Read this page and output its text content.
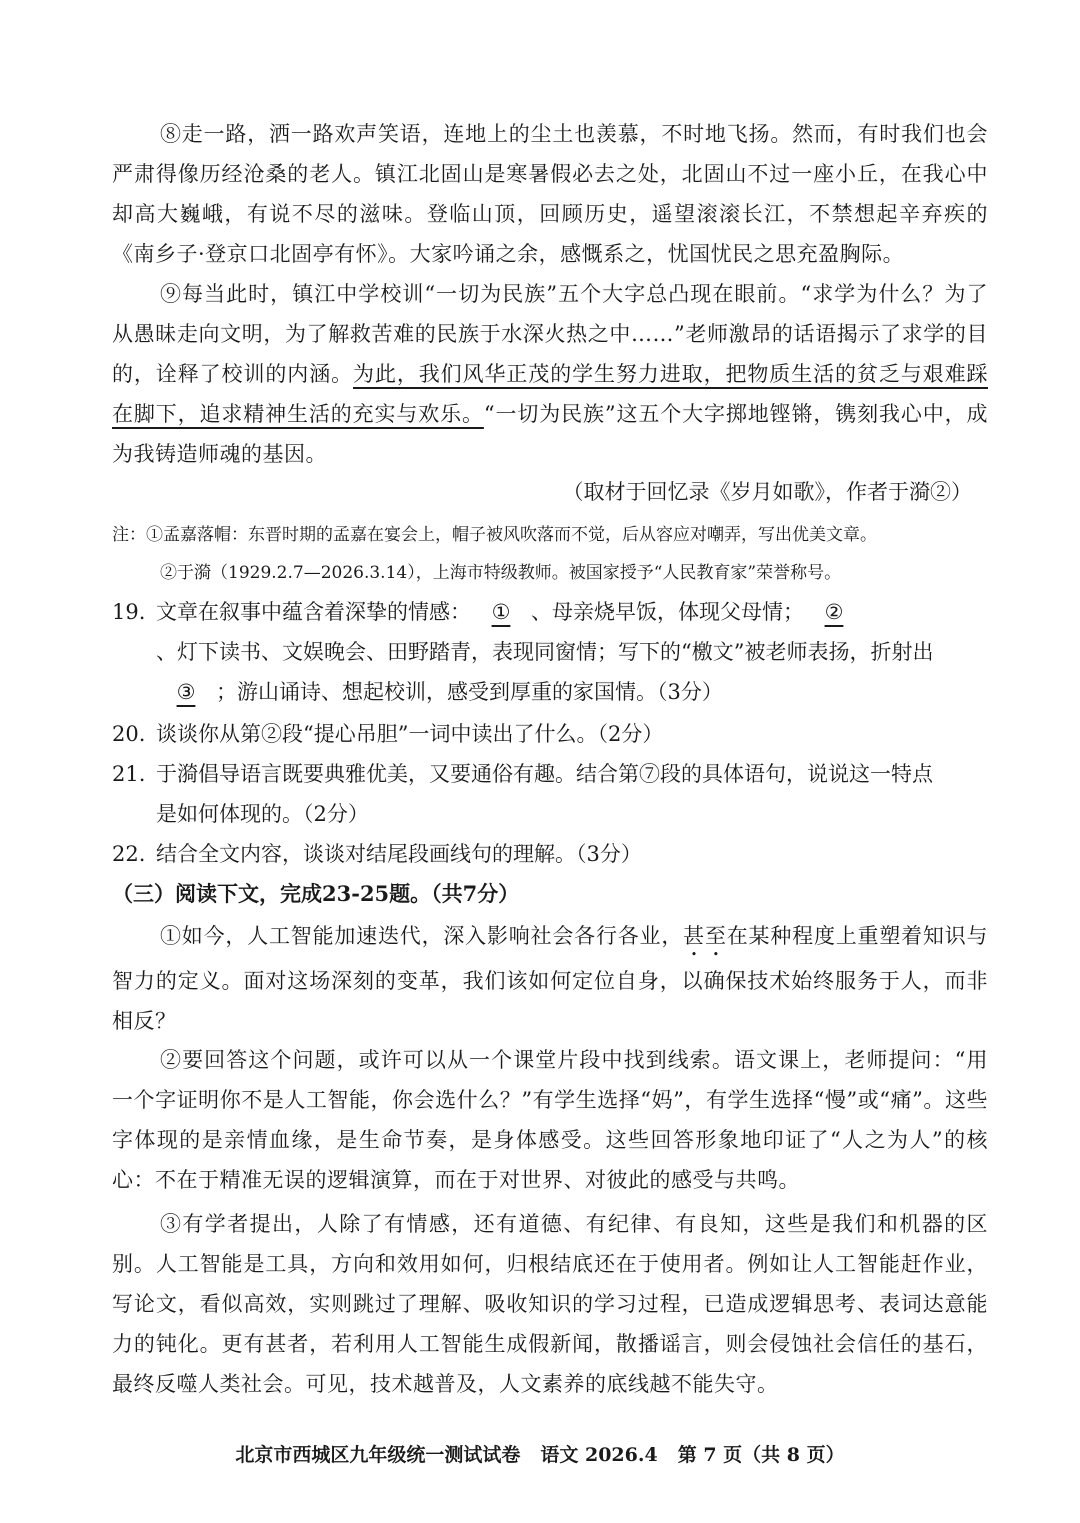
⑧走一路，洒一路欢声笑语，连地上的尘土也羡慕，不时地飞扬。然而，有时我们也会严肃得像历经沧桑的老人。镇江北固山是寒暑假必去之处，北固山不过一座小丘，在我心中却高大巍峨，有说不尽的滋味。登临山顶，回顾历史，遥望滚滚长江，不禁想起辛弃疾的《南乡子·登京口北固亭有怀》。大家吟诵之余，感慨系之，忧国忧民之思充盈胸际。
⑨每当此时，镇江中学校训“一切为民族”五个大字总凸现在眼前。“求学为什么？为了从愚昧走向文明，为了解救苦难的民族于水深火热之中……”老师激昂的话语揭示了求学的目的，诠释了校训的内涵。为此，我们风华正茂的学生努力进取，把物质生活的贫乏与艰难踩在脚下，追求精神生活的充实与欢乐。“一切为民族”这五个大字掷地铿锵，镌刻我心中，成为我铸造师魂的基因。
（取材于回忆录《岁月如歌》，作者于漪②）
注：①孟嘉落帽：东晋时期的孟嘉在宴会上，帽子被风吹落而不觉，后从容应对嘲弄，写出优美文章。
②于漪（1929.2.7—2026.3.14），上海市特级教师。被国家授予“人民教育家”荣誉称号。
19. 文章在叙事中蕴含着深挚的情感： ① 、母亲烧早饭，体现父母情； ②
、灯下读书、文娱晚会、田野踏青，表现同窗情；写下的“檄文”被老师表扬，折射出③ ；游山诵诗、想起校训，感受到厚重的家国情。（3分）
20. 谈谈你从第②段“提心吊胆”一词中读出了什么。（2分）
21. 于漪倡导语言既要典雅优美，又要通俗有趣。结合第⑦段的具体语句，说说这一特点
是如何体现的。（2分）
22. 结合全文内容，谈谈对结尾段画线句的理解。（3分）
（三）阅读下文，完成23-25题。（共7分）
①如今，人工智能加速迭代，深入影响社会各行各业，甚至在某种程度上重塑着知识与智力的定义。面对这场深刻的变革，我们该如何定位自身，以确保技术始终服务于人，而非相反？
②要回答这个问题，或许可以从一个课堂片段中找到线索。语文课上，老师提问：“用一个字证明你不是人工智能，你会选什么？”有学生选择“妈”，有学生选择“慢”或“痛”。这些字体现的是亲情血缘，是生命节奏，是身体感受。这些回答形象地印证了“人之为人”的核心：不在于精准无误的逻辑演算，而在于对世界、对彼此的感受与共鸣。
③有学者提出，人除了有情感，还有道德、有纪律、有良知，这些是我们和机器的区别。人工智能是工具，方向和效用如何，归根结底还在于使用者。例如让人工智能赶作业，写论文，看似高效，实则跳过了理解、吸收知识的学习过程，已造成逻辑思考、表词达意能力的钝化。更有甚者，若利用人工智能生成假新闻，散播谣言，则会侵蚀社会信任的基石，最终反噬人类社会。可见，技术越普及，人文素养的底线越不能失守。
北京市西城区九年级统一测试试卷 语文 2026.4 第 7 页（共 8 页）
